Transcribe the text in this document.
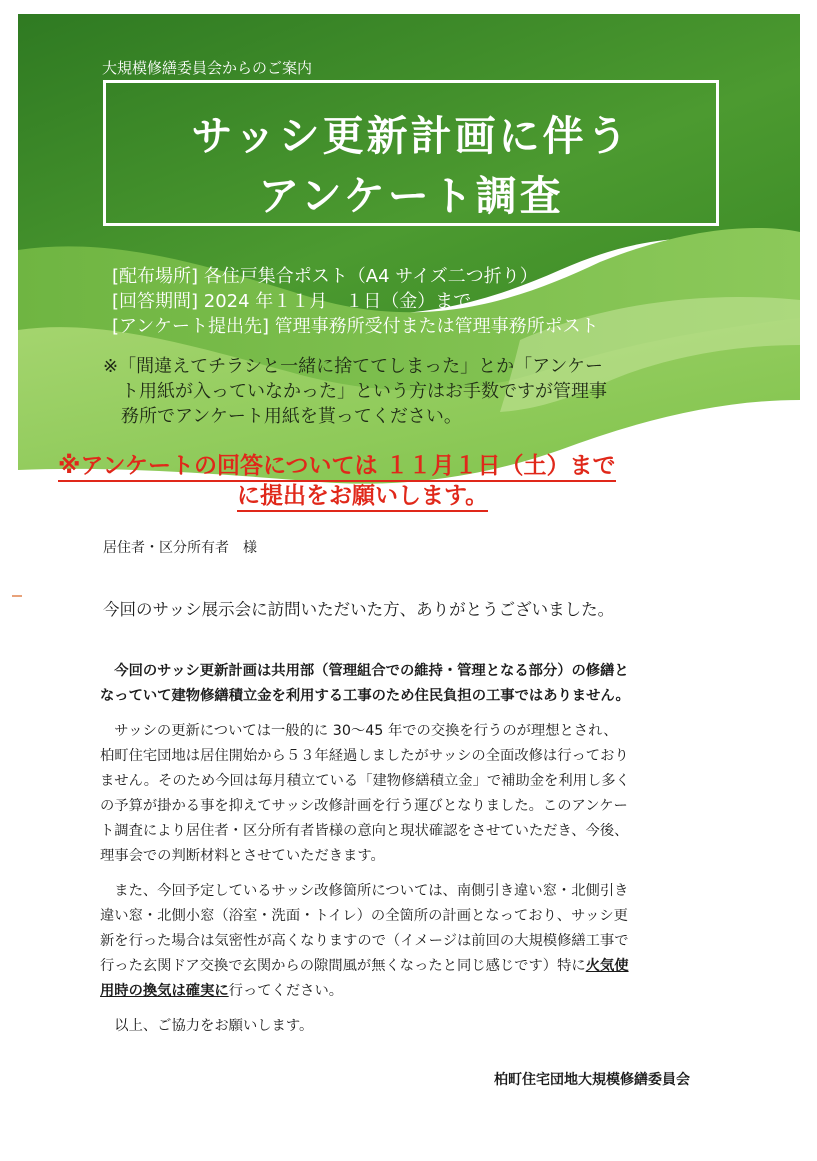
大規模修繕委員会からのご案内
サッシ更新計画に伴う
アンケート調査
[配布場所] 各住戸集合ポスト（A4 サイズ二つ折り）
[回答期間] 2024 年１１月　１日（金）まで
[アンケート提出先] 管理事務所受付または管理事務所ポスト
※「間違えてチラシと一緒に捨ててしまった」とか「アンケー
　ト用紙が入っていなかった」という方はお手数ですが管理事
　務所でアンケート用紙を貰ってください。
※アンケートの回答については １１月１日（土）まで
に提出をお願いします。
居住者・区分所有者　様
今回のサッシ展示会に訪問いただいた方、ありがとうございました。
　今回のサッシ更新計画は共用部（管理組合での維持・管理となる部分）の修繕と
なっていて建物修繕積立金を利用する工事のため住民負担の工事ではありません。
　サッシの更新については一般的に 30～45 年での交換を行うのが理想とされ、
柏町住宅団地は居住開始から５３年経過しましたがサッシの全面改修は行っており
ません。そのため今回は毎月積立ている「建物修繕積立金」で補助金を利用し多く
の予算が掛かる事を抑えてサッシ改修計画を行う運びとなりました。このアンケー
ト調査により居住者・区分所有者皆様の意向と現状確認をさせていただき、今後、
理事会での判断材料とさせていただきます。
　また、今回予定しているサッシ改修箇所については、南側引き違い窓・北側引き
違い窓・北側小窓（浴室・洗面・トイレ）の全箇所の計画となっており、サッシ更
新を行った場合は気密性が高くなりますので（イメージは前回の大規模修繕工事で
行った玄関ドア交換で玄関からの隙間風が無くなったと同じ感じです）特に火気使
用時の換気は確実に行ってください。
　以上、ご協力をお願いします。
柏町住宅団地大規模修繕委員会
